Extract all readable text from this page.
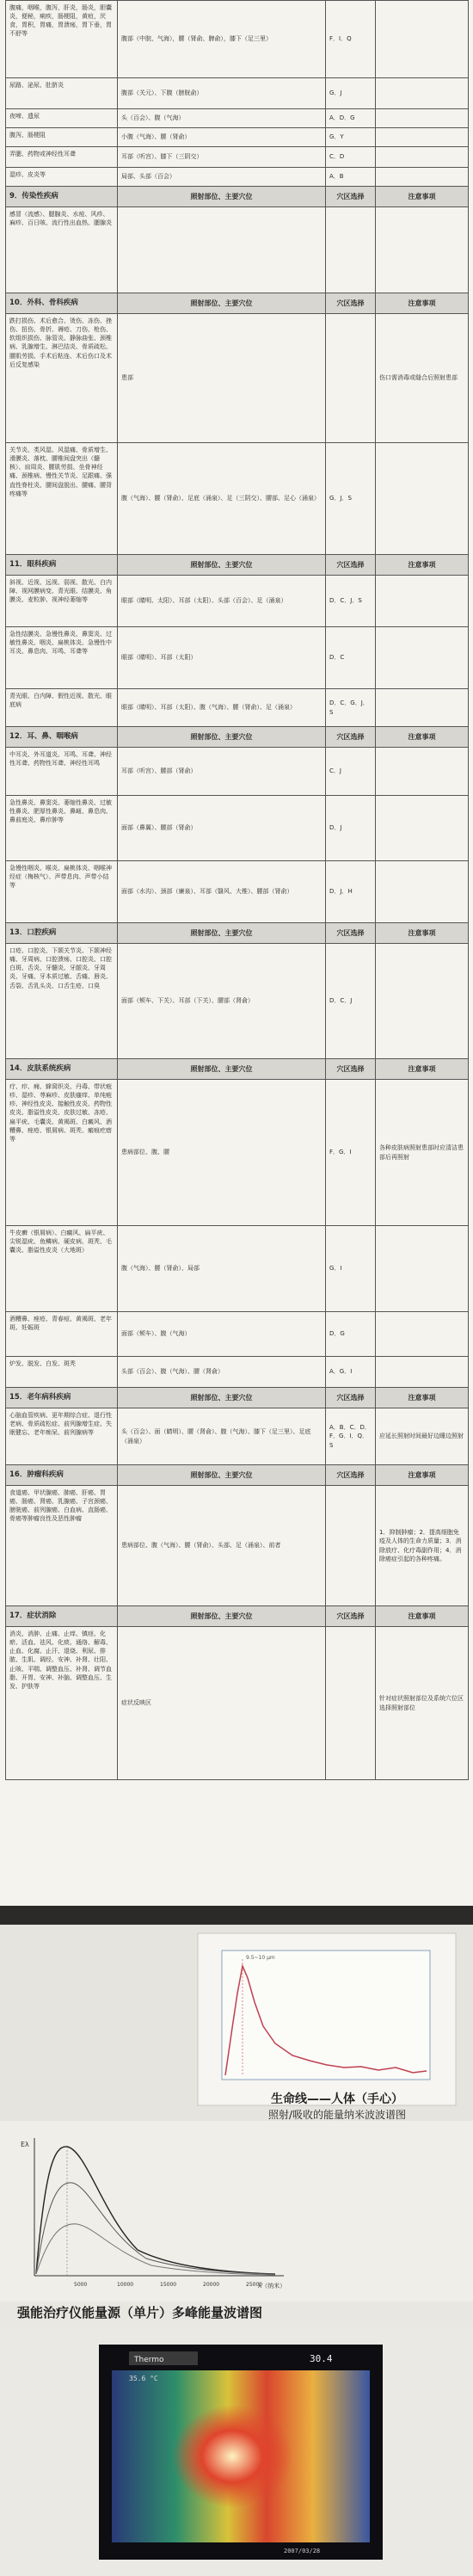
腹痛，咽喉，腹泻，肝炎，肠炎，胆囊炎，便秘，痢疾，肠梗阻，黄疸，厌食，胃积，胃痛，胃溃疡，胃下垂，胃不舒等	腹部（中脘、气海），腰（肾俞、脾俞），膝下（足三里）	F．I．Q	
尿路、泌尿、肚脐炎	腹部（关元）、下腹（膀胱俞）	G．J	
夜啼、遗尿	头（百会）、腹（气海）	A．D．G	
腹泻、肠梗阻	小腹（气海）、腰（肾俞）	G．Y	
弄腮、药物或神经性耳聋	耳部（听宫）、膝下（三阴交）	C．D	
湿疹、皮炎等	局部、头部（百会）	A．B	
9．传染性疾病	照射部位、主要穴位	穴区选择	注意事项
感冒（流感）、腮腺炎、水痘、风疹、麻疹、百日咳、流行性出血热、腮腺炎			
10．外科、骨科疾病	照射部位、主要穴位	穴区选择	注意事项
跌打损伤、术后愈合、烫伤、冻伤、挫伤、扭伤、骨折、褥疮、刀伤、枪伤、软组织损伤、脉管炎、静脉曲张、颈椎病、乳腺增生、淋巴结炎、骨质疏松、腰肌劳损、手术后粘连、术后伤口及术后反复感染	患部		伤口需消毒或缝合后照射患部
关节炎、类风湿、风湿痛、骨质增生、滑膜炎、落枕、腰椎间盘突出（髓核）、肩周炎、腰肌劳损、坐骨神经痛、颈椎病、慢性关节炎、足跟痛、强直性脊柱炎、腰间盘脱出、腰痛、腰背疼痛等	腹（气海）、腰（肾俞）、足底（涌泉）、足（三阴交）、腰部、足心（涌泉）	G．J．S	
11．眼科疾病	照射部位、主要穴位	穴区选择	注意事项
斜视、近视、远视、弱视、散光、白内障、视网膜病变、青光眼、结膜炎、角膜炎、麦粒肿、视神经萎缩等	眼部（睛明、太阳）、耳部（太阳）、头部（百会）、足（涌泉）	D．C．J．S	
急性结膜炎、急慢性鼻炎、鼻窦炎、过敏性鼻炎、咽炎、扁桃体炎、急慢性中耳炎、鼻息肉、耳鸣、耳聋等	眼部（睛明）、耳部（太阳）	D．C	
青光眼、白内障、假性近视、散光、眼底病	眼部（睛明）、耳部（太阳）、腹（气海）、腰（肾俞）、足（涌泉）	D．C．G．J．S	
12．耳、鼻、咽喉病	照射部位、主要穴位	穴区选择	注意事项
中耳炎、外耳道炎、耳鸣、耳聋、神经性耳聋、药物性耳聋、神经性耳鸣	耳部（听宫）、腰部（肾俞）	C．J	
急性鼻炎、鼻窦炎、萎缩性鼻炎、过敏性鼻炎、肥厚性鼻炎、鼻衄、鼻息肉、鼻前庭炎、鼻疖肿等	面部（鼻翼）、腰部（肾俞）	D．J	
急慢性咽炎、喉炎、扁桃体炎、咽喉神经症（梅核气）、声带息肉、声带小结等	面部（水沟）、颈部（廉泉）、耳部（翳风、大椎）、腰部（肾俞）	D．J．H	
13．口腔疾病	照射部位、主要穴位	穴区选择	注意事项
口疮、口腔炎、下颌关节炎、下颌神经痛、牙周病、口腔溃疡、口腔炎、口腔白斑、舌炎、牙髓炎、牙龈炎、牙周炎、牙痛、牙本质过敏、舌痛、唇炎、舌裂、舌乳头炎、口舌生疮、口臭	面部（颊车、下关）、耳部（下关）、腰部（肾俞）	D．C．J	
14．皮肤系统疾病	照射部位、主要穴位	穴区选择	注意事项
疗、疖、痈、蜂窝织炎、丹毒、带状疱疹、湿疹、荨麻疹、皮肤瘙痒、单纯疱疹、神经性皮炎、接触性皮炎、药物性皮炎、脂溢性皮炎、皮肤过敏、冻疮、扁平疣、毛囊炎、黄褐斑、白癜风、酒糟鼻、痤疮、银屑病、斑秃、瘢痕疙瘩等	患病部位、腹、腰	F．G．I	各种皮肤病照射患部时应清洁患部后再照射
牛皮癣（银屑病）、白癜风、扁平疣、尖锐湿疣、鱼鳞病、硬皮病、斑秃、毛囊炎、脂溢性皮炎（大地斑）	腹（气海）、腰（肾俞）、局部	G．I	
酒糟鼻、痤疮、青春痘、黄褐斑、老年斑、妊娠斑	面部（颊车）、腹（气海）	D．G	
炉发、脱发、白发、斑秃	头部（百会）、腹（气海）、腰（肾俞）	A．G．I	
15．老年病科疾病	照射部位、主要穴位	穴区选择	注意事项
心脑血管疾病、更年期综合症、退行性老病、骨质疏松症、前列腺增生症、失眠健忘、老年痴呆、前列腺病等	头（百会）、面（睛明）、腰（肾俞）、腹（气海）、膝下（足三里）、足底（涌泉）	A．B．C．D．F．G．I．Q．S	应延长照射时间最好边睡边照射
16．肿瘤科疾病	照射部位、主要穴位	穴区选择	注意事项
食道癌、甲状腺癌、肺癌、肝癌、胃癌、肠癌、肾癌、乳腺癌、子宫颈癌、膀胱癌、前列腺癌、白血病、直肠癌、骨癌等肿瘤良性及恶性肿瘤	患病部位、腹（气海）、腰（肾俞）、头部、足（涌泉）、前者		1．抑制肿瘤；2．提高细胞免疫及人体的生命力质量；3．消除放疗、化疗毒副作用；4．消除癌症引起的各种疼痛。
17．症状消除	照射部位、主要穴位	穴区选择	注意事项
消炎、消肿、止痛、止痒、镇痉、化瘀、活血、祛风、化痰、通络、解毒、止血、化腐、止汗、退烧、利尿、排脓、生肌、调经、安神、补肾、壮阳、止咳、平喘、调整血压、补肾、调节血脂、开胃、安神、补脑、调整血压、生发、护肤等	症状反映区		针对症状照射部位及系统穴位区选择照射部位
9.5~10 μm
生命线——人体（手心）
照射/吸收的能量纳米波波谱图
Eλ
λ（纳米）
5000	10000	15000	20000	25000
强能治疗仪能量源（单片）多峰能量波谱图
Thermo	30.4
35.6 °C
2007/03/28
